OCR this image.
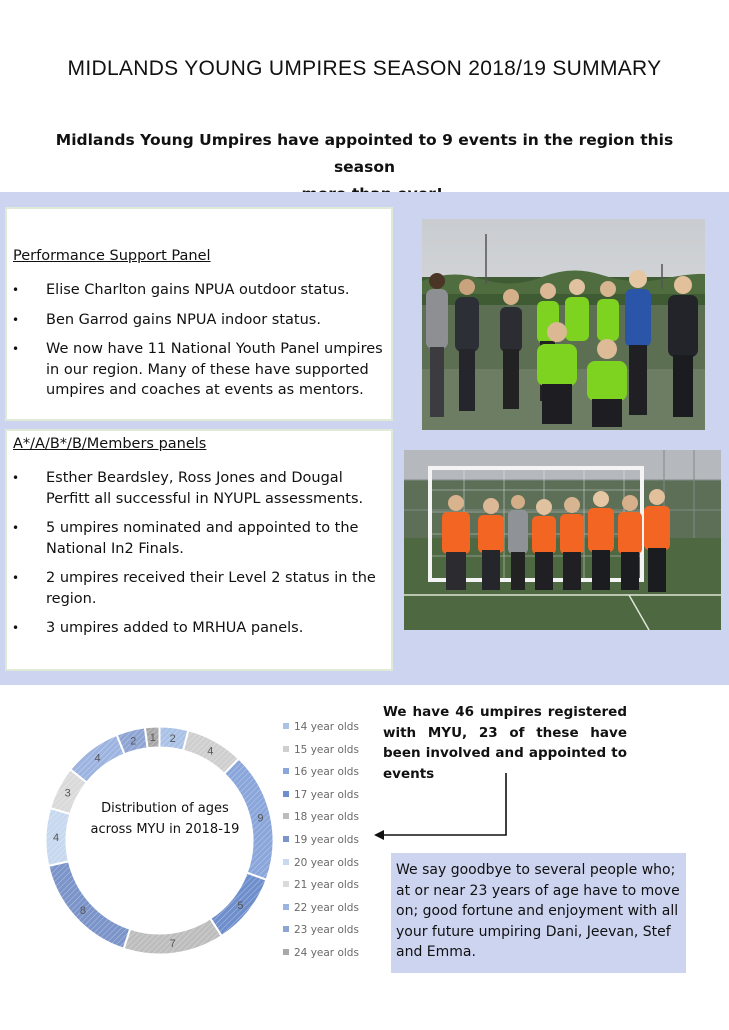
MIDLANDS YOUNG UMPIRES SEASON 2018/19 SUMMARY
Midlands Young Umpires have appointed to 9 events in the region this season
Performance Support Panel
• Elise Charlton gains NPUA outdoor status.
• Ben Garrod gains NPUA indoor status.
• We now have 11 National Youth Panel umpires in our region. Many of these have supported umpires and coaches at events as mentors.
A*/A/B*/B/Members panels
• Esther Beardsley, Ross Jones and Dougal Perfitt all successful in NYUPL assessments.
• 5 umpires nominated and appointed to the National In2 Finals.
• 2 umpires received their Level 2 status in the region.
• 3 umpires added to MRHUA panels.
2
4
9
5
7
8
4
3
4
2 1
Distribution of ages
across MYU in 2018-19
14 year olds
15 year olds
16 year olds
17 year olds
18 year olds
19 year olds
20 year olds
21 year olds
22 year olds
23 year olds
24 year olds
We have 46 umpires registered with MYU, 23 of these have been involved and appointed to events
We say goodbye to several people who; at or near 23 years of age have to move on; good fortune and enjoyment with all your future umpiring Dani, Jeevan, Stef and Emma.
